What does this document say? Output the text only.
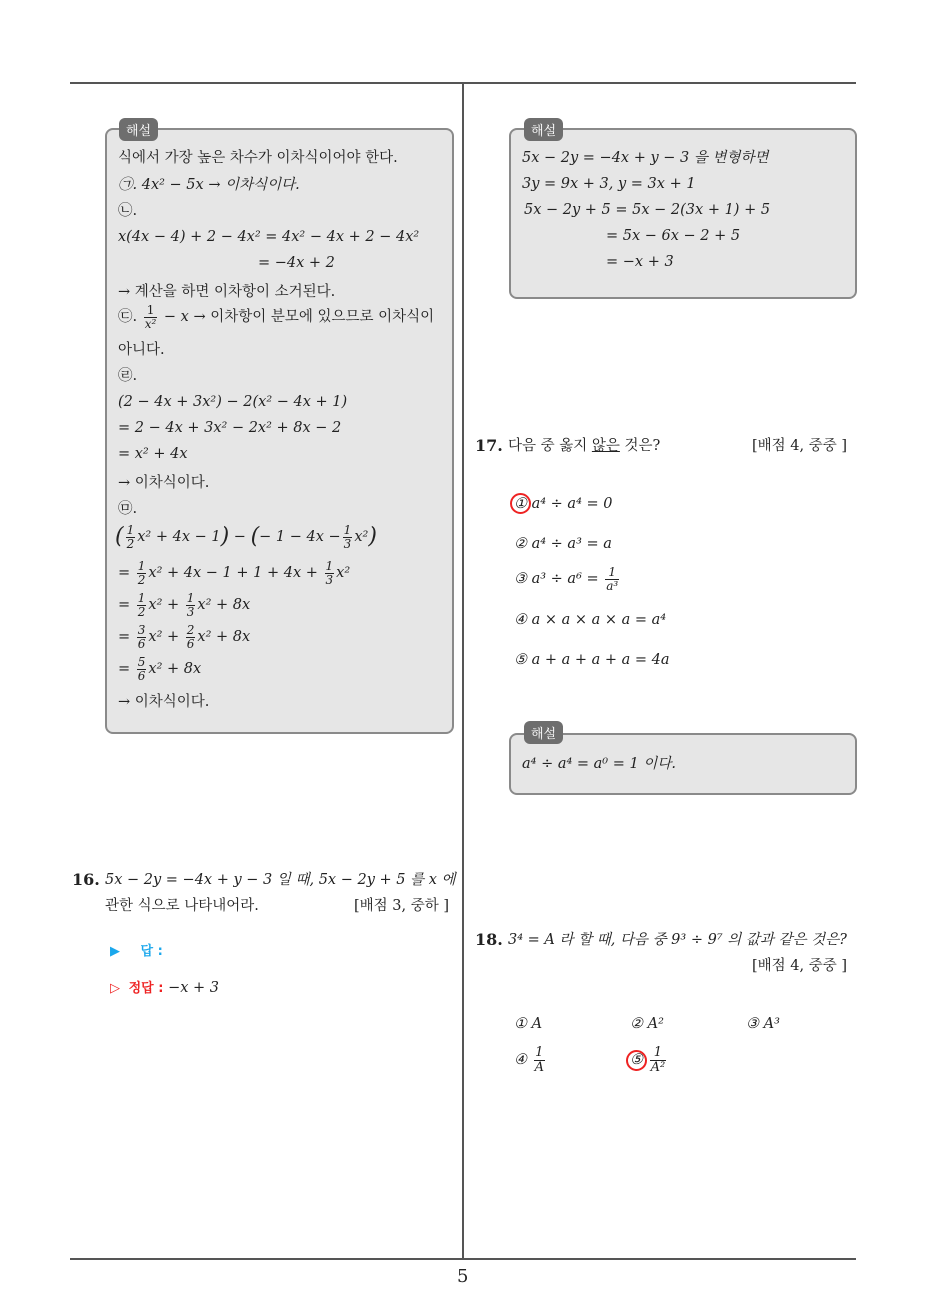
해설
식에서 가장 높은 차수가 이차식이어야 한다.
㉠. 4x² − 5x → 이차식이다.
㉡.
x(4x − 4) + 2 − 4x² = 4x² − 4x + 2 − 4x²
= −4x + 2
→ 계산을 하면 이차항이 소거된다.
㉢. $\frac{1}{\text{x²}} - x$ → 이차항이 분모에 있으므로 이차식이
아니다.
㉣.
(2 − 4x + 3x²) − 2(x² − 4x + 1)
= 2 − 4x + 3x² − 2x² + 8x − 2
= x² + 4x
→ 이차식이다.
㉤.
( $\frac{1}{2} x^2 + 4x - 1$) − (− $1 - 4x - \frac{1}{3} x^2$)
= $\frac{1}{2} x^2 + 4x - 1 + 1 + 4x + \frac{1}{3} x^2$
= $\frac{1}{2} x^2 + \frac{1}{3} x^2 + 8x$
= $\frac{3}{6} x^2 + \frac{2}{6} x^2 + 8x$
= $\frac{5}{6} x^2 + 8x$
→ 이차식이다.
16. 5x − 2y = −4x + y − 3 일 때, 5x − 2y + 5 를 x 에
관한 식으로 나타내어라.	[배점 3, 중하 ]
▶ 답 :
▷ 정답 : −x + 3
해설
5x − 2y = −4x + y − 3 을 변형하면
3y = 9x + 3, y = 3x + 1
5x − 2y + 5 = 5x − 2(3x + 1) + 5
= 5x − 6x − 2 + 5
= −x + 3
17. 다음 중 옳지 않은 것은?	[배점 4, 중중 ]
① a⁴ ÷ a⁴ = 0
② a⁴ ÷ a³ = a
③ $a^3 \div a^6 = \frac{1}{\text{a³}}$
④ a × a × a × a = a⁴
⑤ a + a + a + a = 4a
해설
a⁴ ÷ a⁴ = a⁰ = 1 이다.
18. 3⁴ = A 라 할 때, 다음 중 9³ ÷ 9⁷ 의 값과 같은 것은?
[배점 4, 중중 ]
① A	② A²	③ A³
④ $\frac{1}{A}$	⑤ $\frac{1}{\text{A²}}$
5
